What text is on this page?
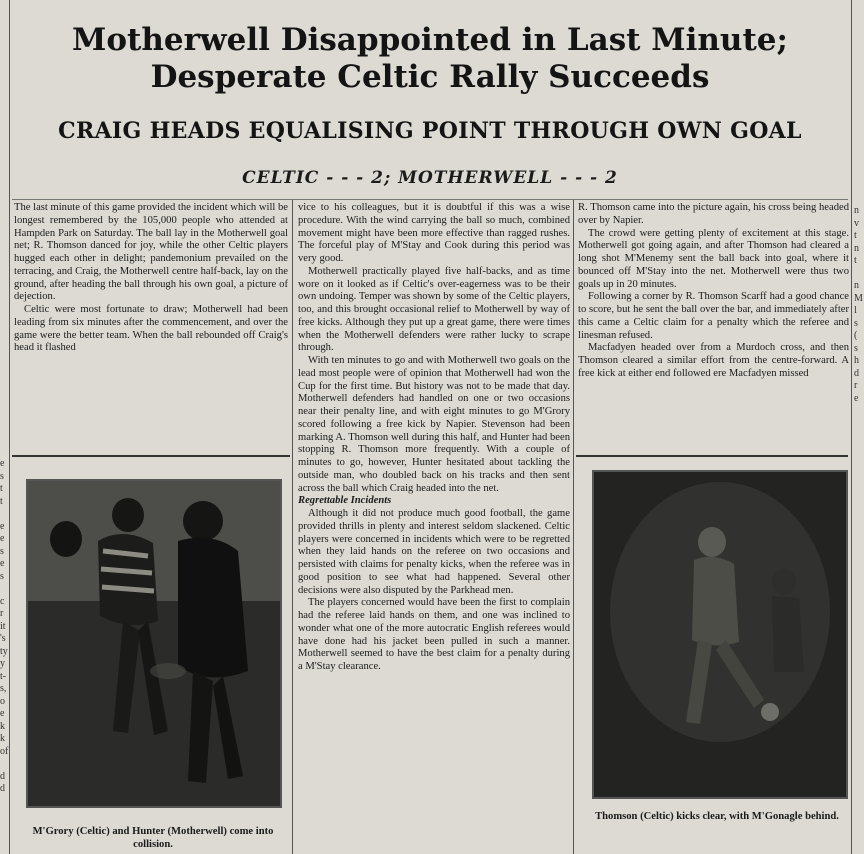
e
s
t
t

e
e
s
e
s

c
r
it
's
ty
y
t-
s,
o
e
k
k
of

d
d
n
v
t
n
t

n
M
l
s
(
s
h
d
r
e
Motherwell Disappointed in Last Minute; Desperate Celtic Rally Succeeds
CRAIG HEADS EQUALISING POINT THROUGH OWN GOAL
CELTIC - - - 2; MOTHERWELL - - - 2

The last minute of this game provided the incident which will be longest remembered by the 105,000 people who attended at Hampden Park on Saturday. The ball lay in the Motherwell goal net; R. Thomson danced for joy, while the other Celtic players hugged each other in delight; pandemonium prevailed on the terracing, and Craig, the Motherwell centre half-back, lay on the ground, after heading the ball through his own goal, a picture of dejection.

Celtic were most fortunate to draw; Motherwell had been leading from six minutes after the commencement, and over the game were the better team. When the ball rebounded off Craig's head it flashed

vice to his colleagues, but it is doubtful if this was a wise procedure. With the wind carrying the ball so much, combined movement might have been more effective than ragged rushes. The forceful play of M'Stay and Cook during this period was very good.

Motherwell practically played five half-backs, and as time wore on it looked as if Celtic's over-eagerness was to be their own undoing. Temper was shown by some of the Celtic players, too, and this brought occasional relief to Motherwell by way of free kicks. Although they put up a great game, there were times when the Motherwell defenders were rather lucky to scrape through.

With ten minutes to go and with Motherwell two goals on the lead most people were of opinion that Motherwell had won the Cup for the first time. But history was not to be made that day. Motherwell defenders had handled on one or two occasions near their penalty line, and with eight minutes to go M'Grory scored following a free kick by Napier. Stevenson had been marking A. Thomson well during this half, and Hunter had been stopping R. Thomson more frequently. With a couple of minutes to go, however, Hunter hesitated about tackling the outside man, who doubled back on his tracks and then sent across the ball which Craig headed into the net.

Regrettable Incidents

Although it did not produce much good football, the game provided thrills in plenty and interest seldom slackened. Celtic players were concerned in incidents which were to be regretted when they laid hands on the referee on two occasions and persisted with claims for penalty kicks, when the referee was in good position to see what had happened. Several other decisions were also disputed by the Parkhead men.

The players concerned would have been the first to complain had the referee laid hands on them, and one was inclined to wonder what one of the more autocratic English referees would have done had his jacket been pulled in such a manner. Motherwell seemed to have the best claim for a penalty during a M'Stay clearance.

R. Thomson came into the picture again, his cross being headed over by Napier.

The crowd were getting plenty of excitement at this stage. Motherwell got going again, and after Thomson had cleared a long shot M'Menemy sent the ball back into goal, where it bounced off M'Stay into the net. Motherwell were thus two goals up in 20 minutes.

Following a corner by R. Thomson Scarff had a good chance to score, but he sent the ball over the bar, and immediately after this came a Celtic claim for a penalty which the referee and linesman refused.

Macfadyen headed over from a Murdoch cross, and then Thomson cleared a similar effort from the centre-forward. A free kick at either end followed ere Macfadyen missed

M'Grory (Celtic) and Hunter (Motherwell) come into collision.
Thomson (Celtic) kicks clear, with M'Gonagle behind.
